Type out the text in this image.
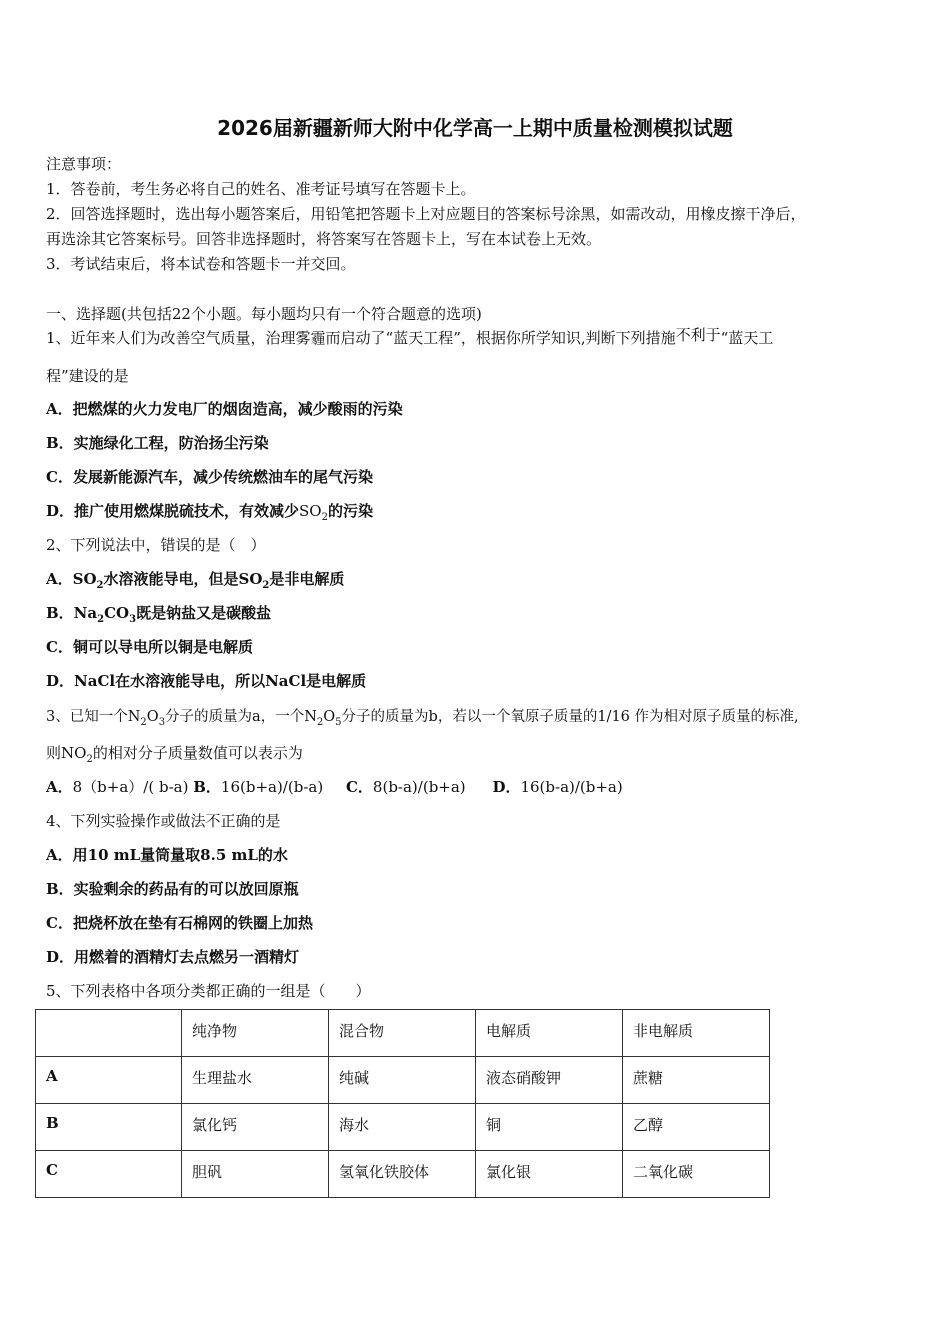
2026届新疆新师大附中化学高一上期中质量检测模拟试题
注意事项：
1．答卷前，考生务必将自己的姓名、准考证号填写在答题卡上。
2．回答选择题时，选出每小题答案后，用铅笔把答题卡上对应题目的答案标号涂黑，如需改动，用橡皮擦干净后，
再选涂其它答案标号。回答非选择题时，将答案写在答题卡上，写在本试卷上无效。
3．考试结束后，将本试卷和答题卡一并交回。
一、选择题(共包括22个小题。每小题均只有一个符合题意的选项)
1、近年来人们为改善空气质量，治理雾霾而启动了“蓝天工程”，根据你所学知识,判断下列措施不利于“蓝天工
程”建设的是
A．把燃煤的火力发电厂的烟囱造高，减少酸雨的污染
B．实施绿化工程，防治扬尘污染
C．发展新能源汽车，减少传统燃油车的尾气污染
D．推广使用燃煤脱硫技术，有效减少$SO_2$的污染
2、下列说法中，错误的是（　）
A．$SO_2$水溶液能导电，但是$SO_2$是非电解质
B．$Na_2CO_3$既是钠盐又是碳酸盐
C．铜可以导电所以铜是电解质
D．NaCl在水溶液能导电，所以NaCl是电解质
3、已知一个$N_2O_3$分子的质量为a，一个$N_2O_5$分子的质量为b，若以一个氧原子质量的1/16 作为相对原子质量的标准,
则$NO_2$的相对分子质量数值可以表示为
A．8（b+a）/( b-a) B．16(b+a)/(b-a) C．8(b-a)/(b+a) D．16(b-a)/(b+a)
4、下列实验操作或做法不正确的是
A．用10 mL量筒量取8.5 mL的水
B．实验剩余的药品有的可以放回原瓶
C．把烧杯放在垫有石棉网的铁圈上加热
D．用燃着的酒精灯去点燃另一酒精灯
5、下列表格中各项分类都正确的一组是（　　）
	纯净物	混合物	电解质	非电解质
A	生理盐水	纯碱	液态硝酸钾	蔗糖
B	氯化钙	海水	铜	乙醇
C	胆矾	氢氧化铁胶体	氯化银	二氧化碳
